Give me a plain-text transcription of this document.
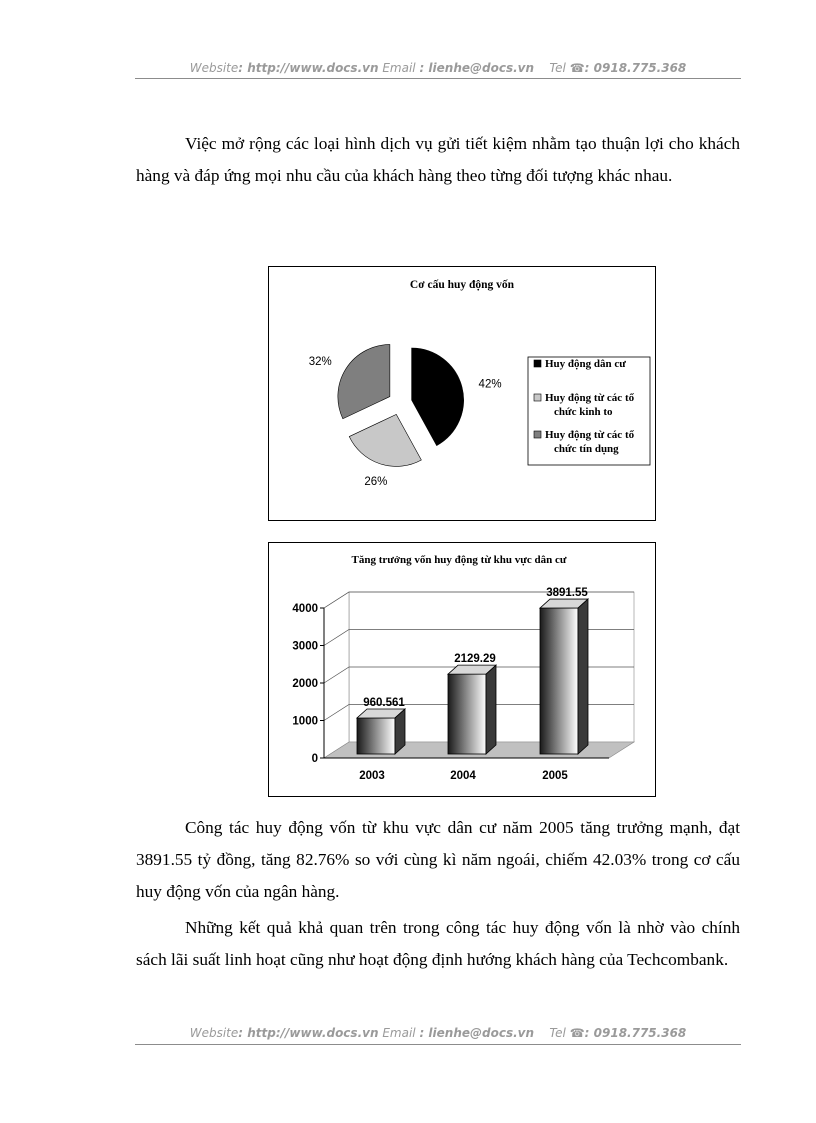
Website: http://www.docs.vn Email : lienhe@docs.vn Tel ☎: 0918.775.368

Việc mở rộng các loại hình dịch vụ gửi tiết kiệm nhằm tạo thuận lợi cho khách hàng và đáp ứng mọi nhu cầu của khách hàng theo từng đối tượng khác nhau.

Cơ cấu huy động vốn
42%
26%
32%	Huy động dân cư
Huy động từ các tổ
chức kinh to
Huy động từ các tổ
chức tín dụng
Tăng trưởng vốn huy động từ khu vực dân cư
0
1000
2000
3000
4000
960.561
2003
2129.29
2004
3891.55
2005

Công tác huy động vốn từ khu vực dân cư năm 2005 tăng trưởng mạnh, đạt 3891.55 tỷ đồng, tăng 82.76% so với cùng kì năm ngoái, chiếm 42.03% trong cơ cấu huy động vốn của ngân hàng.

Những kết quả khả quan trên trong công tác huy động vốn là nhờ vào chính sách lãi suất linh hoạt cũng như hoạt động định hướng khách hàng của Techcombank.

Website: http://www.docs.vn Email : lienhe@docs.vn Tel ☎: 0918.775.368
